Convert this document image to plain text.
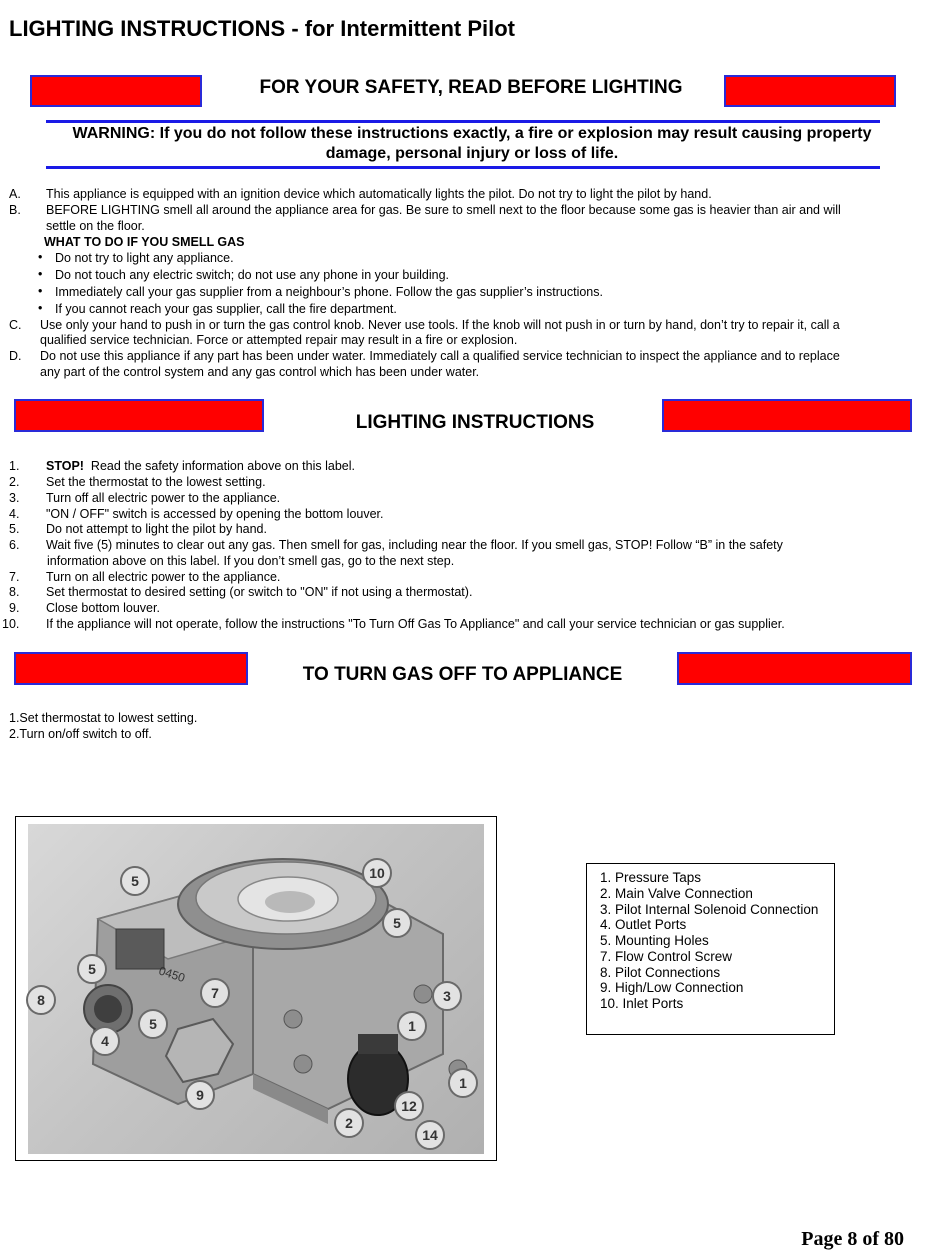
LIGHTING INSTRUCTIONS - for Intermittent Pilot
FOR YOUR SAFETY, READ BEFORE LIGHTING
WARNING: If you do not follow these instructions exactly, a fire or explosion may result causing property damage, personal injury or loss of life.
A. This appliance is equipped with an ignition device which automatically lights the pilot. Do not try to light the pilot by hand.
B. BEFORE LIGHTING smell all around the appliance area for gas. Be sure to smell next to the floor because some gas is heavier than air and will
settle on the floor.
WHAT TO DO IF YOU SMELL GAS
• Do not try to light any appliance.
• Do not touch any electric switch; do not use any phone in your building.
• Immediately call your gas supplier from a neighbour’s phone. Follow the gas supplier’s instructions.
• If you cannot reach your gas supplier, call the fire department.
C. Use only your hand to push in or turn the gas control knob. Never use tools. If the knob will not push in or turn by hand, don’t try to repair it, call a
qualified service technician. Force or attempted repair may result in a fire or explosion.
D. Do not use this appliance if any part has been under water. Immediately call a qualified service technician to inspect the appliance and to replace
any part of the control system and any gas control which has been under water.
LIGHTING INSTRUCTIONS
1. STOP!  Read the safety information above on this label.
2. Set the thermostat to the lowest setting.
3. Turn off all electric power to the appliance.
4. "ON / OFF" switch is accessed by opening the bottom louver.
5. Do not attempt to light the pilot by hand.
6. Wait five (5) minutes to clear out any gas. Then smell for gas, including near the floor. If you smell gas, STOP! Follow “B” in the safety
information above on this label. If you don’t smell gas, go to the next step.
7. Turn on all electric power to the appliance.
8. Set thermostat to desired setting (or switch to "ON" if not using a thermostat).
9. Close bottom louver.
10. If the appliance will not operate, follow the instructions "To Turn Off Gas To Appliance" and call your service technician or gas supplier.
TO TURN GAS OFF TO APPLIANCE
1.Set thermostat to lowest setting.
2.Turn on/off switch to off.
0450
5	10
5
5
8	7	3
5	1
4
9
1
12
2
14
1. Pressure Taps
2. Main Valve Connection
3. Pilot Internal Solenoid Connection
4. Outlet Ports
5. Mounting Holes
7. Flow Control Screw
8. Pilot Connections
9. High/Low Connection
10. Inlet Ports
Page 8 of 80
